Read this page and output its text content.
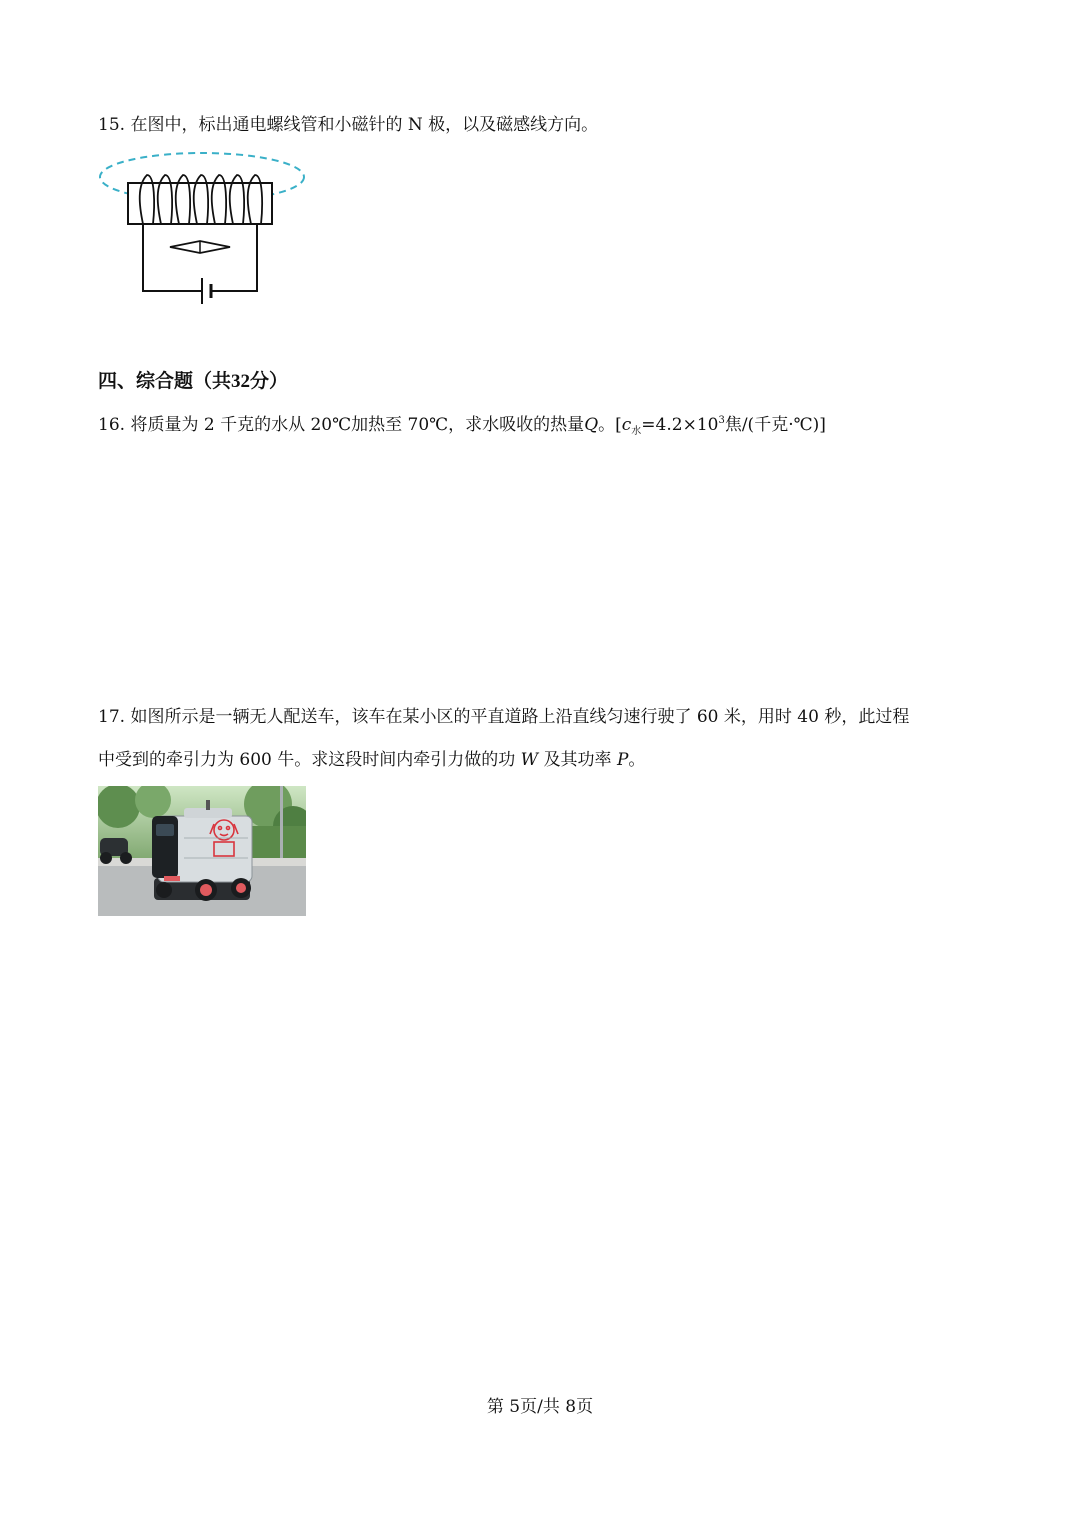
15. 在图中，标出通电螺线管和小磁针的 N 极，以及磁感线方向。
四、综合题（共32分）
16. 将质量为 2 千克的水从 20℃加热至 70℃，求水吸收的热量Q。[$c_水=4.2\times 10^3$焦/(千克·℃)]
17. 如图所示是一辆无人配送车，该车在某小区的平直道路上沿直线匀速行驶了 60 米，用时 40 秒，此过程
中受到的牵引力为 600 牛。求这段时间内牵引力做的功 W 及其功率 P。
第 5页/共 8页
